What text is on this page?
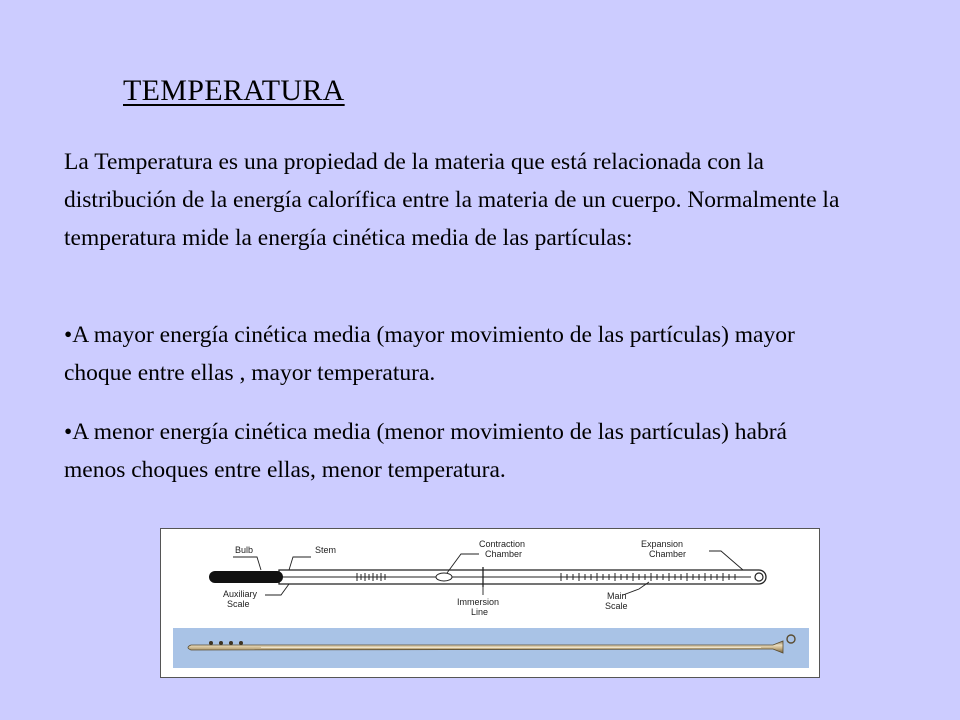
TEMPERATURA

La Temperatura es una propiedad de la materia que está relacionada con la distribución de la energía calorífica entre la materia de un cuerpo. Normalmente la temperatura mide la energía cinética media de las partículas:

•A mayor energía cinética media (mayor movimiento de las partículas) mayor choque entre ellas , mayor temperatura.

•A menor energía cinética media (menor movimiento de las partículas) habrá menos choques entre ellas, menor temperatura.

Bulb	Stem
Contraction
Chamber
Expansion
Chamber
Auxiliary
Scale	Immersion
Line
Main
Scale
